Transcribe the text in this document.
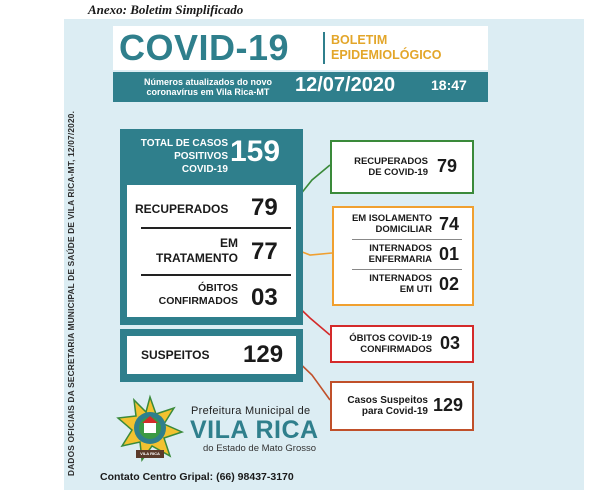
Anexo: Boletim Simplificado
DADOS OFICIAIS DA SECRETARIA MUNICIPAL DE SAÚDE DE VILA RICA-MT, 12/07/2020.
COVID-19	BOLETIM
EPIDEMIOLÓGICO
Números atualizados do novo
coronavírus em Vila Rica-MT	12/07/2020	18:47
TOTAL DE CASOS
POSITIVOS
COVID-19
159
RECUPERADOS 79
EM
TRATAMENTO 77
ÓBITOS
CONFIRMADOS 03
SUSPEITOS 129
RECUPERADOS
DE COVID-19 79
EM ISOLAMENTO
DOMICILIAR 74
INTERNADOS
ENFERMARIA 01
INTERNADOS
EM UTI 02
ÓBITOS COVID-19
CONFIRMADOS 03
Casos Suspeitos
para Covid-19 129
VILA RICA
Prefeitura Municipal de
VILA RICA
do Estado de Mato Grosso
Contato Centro Gripal: (66) 98437-3170
